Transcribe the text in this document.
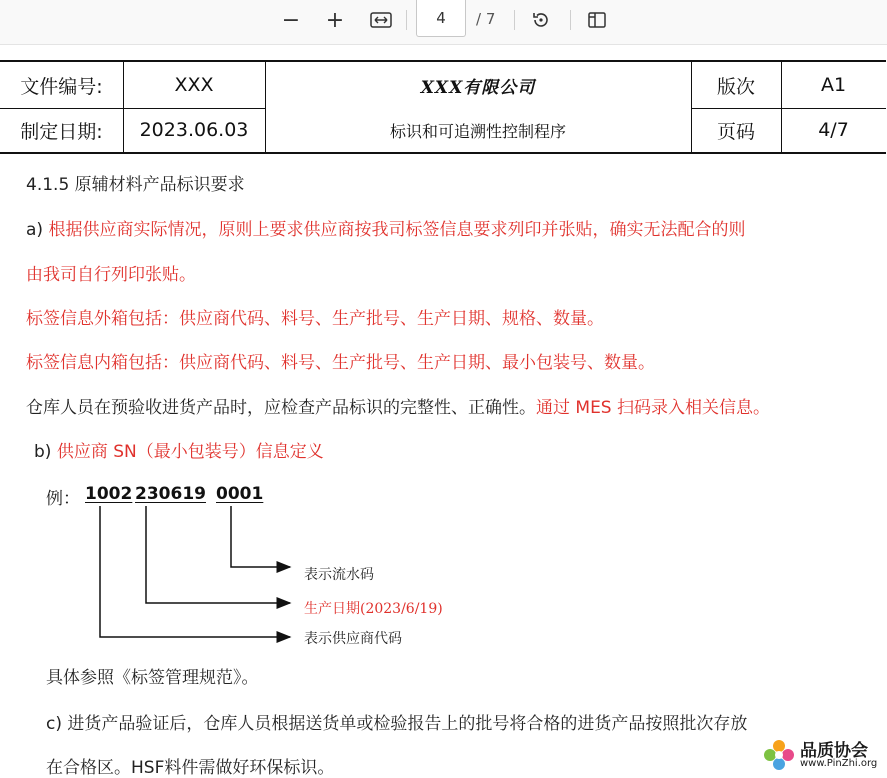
− +	4 / 7
文件编号:	XXX	XXX有限公司	版次	A1
制定日期:	2023.06.03	标识和可追溯性控制程序	页码	4/7
4.1.5 原辅材料产品标识要求
a) 根据供应商实际情况，原则上要求供应商按我司标签信息要求列印并张贴，确实无法配合的则
由我司自行列印张贴。
标签信息外箱包括：供应商代码、料号、生产批号、生产日期、规格、数量。
标签信息内箱包括：供应商代码、料号、生产批号、生产日期、最小包装号、数量。
仓库人员在预验收进货产品时，应检查产品标识的完整性、正确性。通过 MES 扫码录入相关信息。
b) 供应商 SN（最小包装号）信息定义
例： 1002 230619 0001
表示流水码
生产日期(2023/6/19)
表示供应商代码
具体参照《标签管理规范》。
c) 进货产品验证后，仓库人员根据送货单或检验报告上的批号将合格的进货产品按照批次存放
在合格区。HSF料件需做好环保标识。
品质协会
www.PinZhi.org
